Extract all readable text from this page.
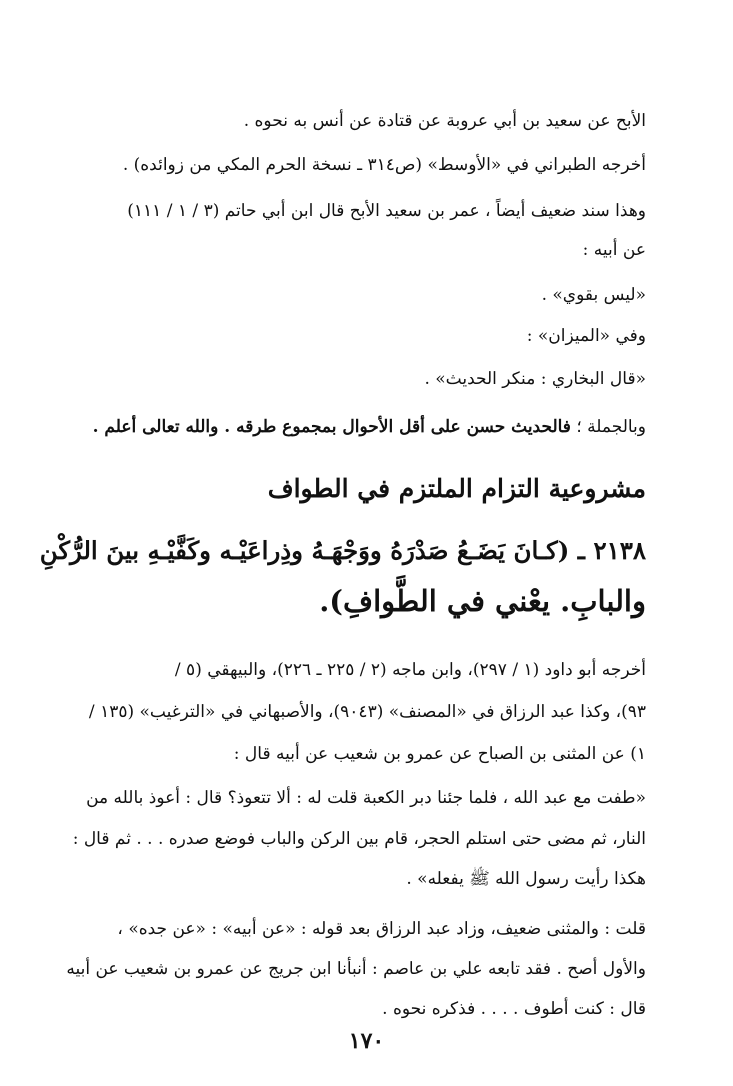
الأبح عن سعيد بن أبي عروبة عن قتادة عن أنس به نحوه .
أخرجه الطبراني في «الأوسط» (ص٣١٤ ـ نسخة الحرم المكي من زوائده) .
وهذا سند ضعيف أيضاً ، عمر بن سعيد الأبح قال ابن أبي حاتم (٣ / ١ / ١١١)
عن أبيه :
«ليس بقوي» .
وفي «الميزان» :
«قال البخاري : منكر الحديث» .
وبالجملة ؛ فالحديث حسن على أقل الأحوال بمجموع طرقه . والله تعالى أعلم .
مشروعية التزام الملتزم في الطواف
٢١٣٨ ـ (كـانَ يَضَـعُ صَدْرَهُ ووَجْهَـهُ وذِراعَيْـه وكَفَّيْـهِ بينَ الرُّكْنِ
والبابِ. يعْني في الطَّوافِ).
أخرجه أبو داود (١ / ٢٩٧)، وابن ماجه (٢ / ٢٢٥ ـ ٢٢٦)، والبيهقي (٥ /
٩٣)، وكذا عبد الرزاق في «المصنف» (٩٠٤٣)، والأصبهاني في «الترغيب» (١٣٥ /
١) عن المثنى بن الصباح عن عمرو بن شعيب عن أبيه قال :
«طفت مع عبد الله ، فلما جئنا دبر الكعبة قلت له : ألا تتعوذ؟ قال : أعوذ بالله من
النار، ثم مضى حتى استلم الحجر، قام بين الركن والباب فوضع صدره . . . ثم قال :
هكذا رأيت رسول الله ﷺ يفعله» .
قلت : والمثنى ضعيف، وزاد عبد الرزاق بعد قوله : «عن أبيه» : «عن جده» ،
والأول أصح . فقد تابعه علي بن عاصم : أنبأنا ابن جريج عن عمرو بن شعيب عن أبيه
قال : كنت أطوف . . . . فذكره نحوه .
١٧٠
